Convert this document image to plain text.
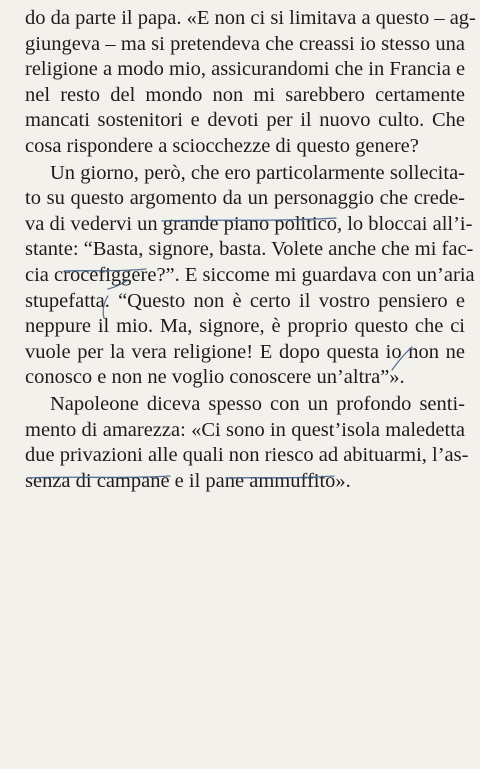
do da parte il papa. «E non ci si limitava a questo – ag-
giungeva – ma si pretendeva che creassi io stesso una
religione a modo mio, assicurandomi che in Francia e
nel resto del mondo non mi sarebbero certamente
mancati sostenitori e devoti per il nuovo culto. Che
cosa rispondere a sciocchezze di questo genere?
Un giorno, però, che ero particolarmente sollecita-
to su questo argomento da un personaggio che crede-
va di vedervi un grande piano politico, lo bloccai all’i-
stante: “Basta, signore, basta. Volete anche che mi fac-
cia crocefiggere?”. E siccome mi guardava con un’aria
stupefatta. “Questo non è certo il vostro pensiero e
neppure il mio. Ma, signore, è proprio questo che ci
vuole per la vera religione! E dopo questa io non ne
conosco e non ne voglio conoscere un’altra”».
Napoleone diceva spesso con un profondo senti-
mento di amarezza: «Ci sono in quest’isola maledetta
due privazioni alle quali non riesco ad abituarmi, l’as-
senza di campane e il pane ammuffito».
